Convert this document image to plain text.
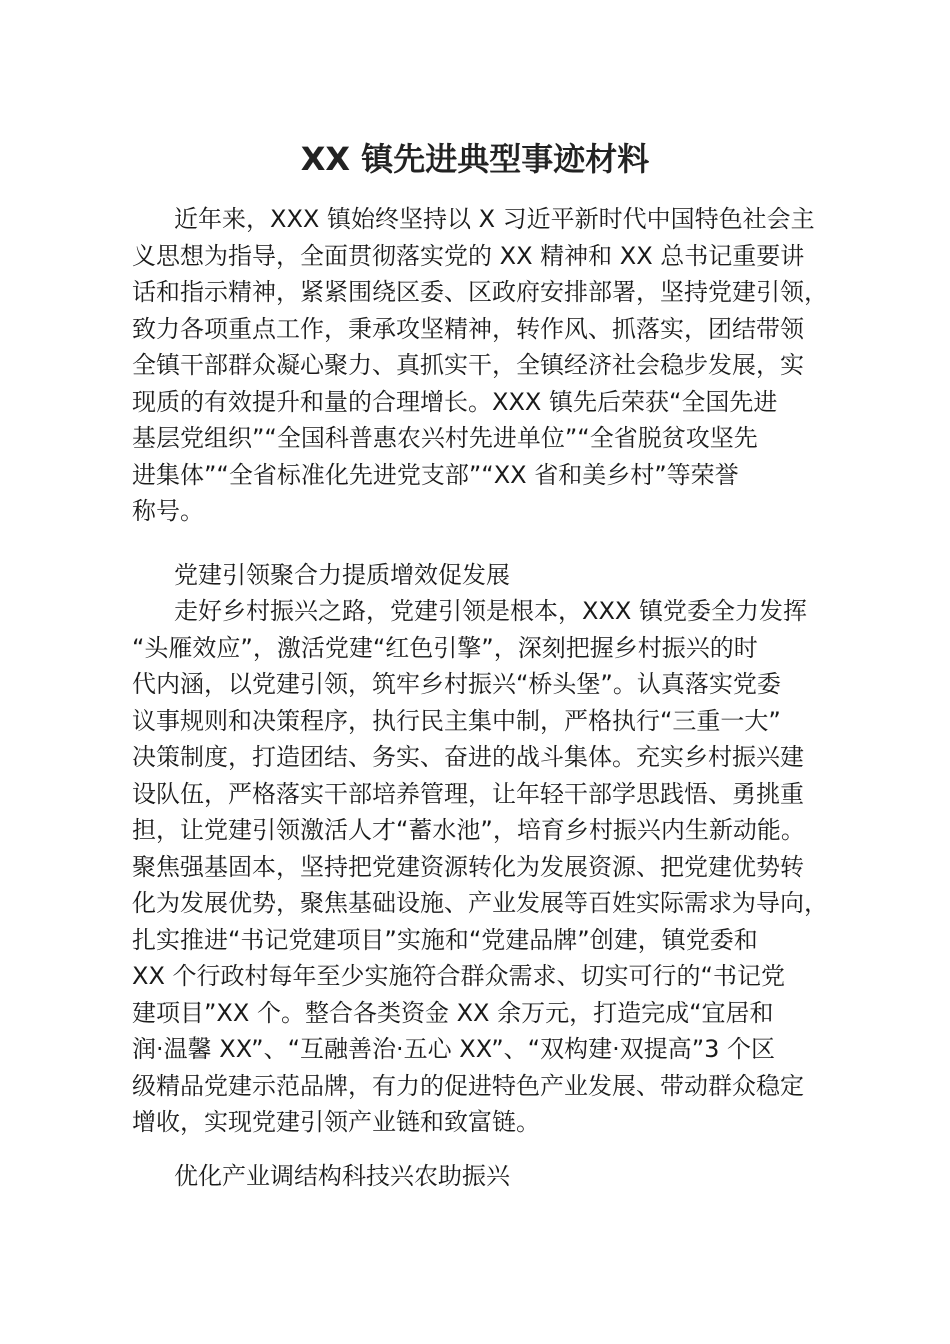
XX 镇先进典型事迹材料
近年来，XXX 镇始终坚持以 X 习近平新时代中国特色社会主
义思想为指导，全面贯彻落实党的 XX 精神和 XX 总书记重要讲
话和指示精神，紧紧围绕区委、区政府安排部署，坚持党建引领，
致力各项重点工作，秉承攻坚精神，转作风、抓落实，团结带领
全镇干部群众凝心聚力、真抓实干，全镇经济社会稳步发展，实
现质的有效提升和量的合理增长。XXX 镇先后荣获“全国先进
基层党组织”“全国科普惠农兴村先进单位”“全省脱贫攻坚先
进集体”“全省标准化先进党支部”“XX 省和美乡村”等荣誉
称号。

党建引领聚合力提质增效促发展

走好乡村振兴之路，党建引领是根本，XXX 镇党委全力发挥
“头雁效应”，激活党建“红色引擎”，深刻把握乡村振兴的时
代内涵，以党建引领，筑牢乡村振兴“桥头堡”。认真落实党委
议事规则和决策程序，执行民主集中制，严格执行“三重一大”
决策制度，打造团结、务实、奋进的战斗集体。充实乡村振兴建
设队伍，严格落实干部培养管理，让年轻干部学思践悟、勇挑重
担，让党建引领激活人才“蓄水池”，培育乡村振兴内生新动能。
聚焦强基固本，坚持把党建资源转化为发展资源、把党建优势转
化为发展优势，聚焦基础设施、产业发展等百姓实际需求为导向，
扎实推进“书记党建项目”实施和“党建品牌”创建，镇党委和
XX 个行政村每年至少实施符合群众需求、切实可行的“书记党
建项目”XX 个。整合各类资金 XX 余万元，打造完成“宜居和
润·温馨 XX”、“互融善治·五心 XX”、“双构建·双提高”3 个区
级精品党建示范品牌，有力的促进特色产业发展、带动群众稳定
增收，实现党建引领产业链和致富链。

优化产业调结构科技兴农助振兴
